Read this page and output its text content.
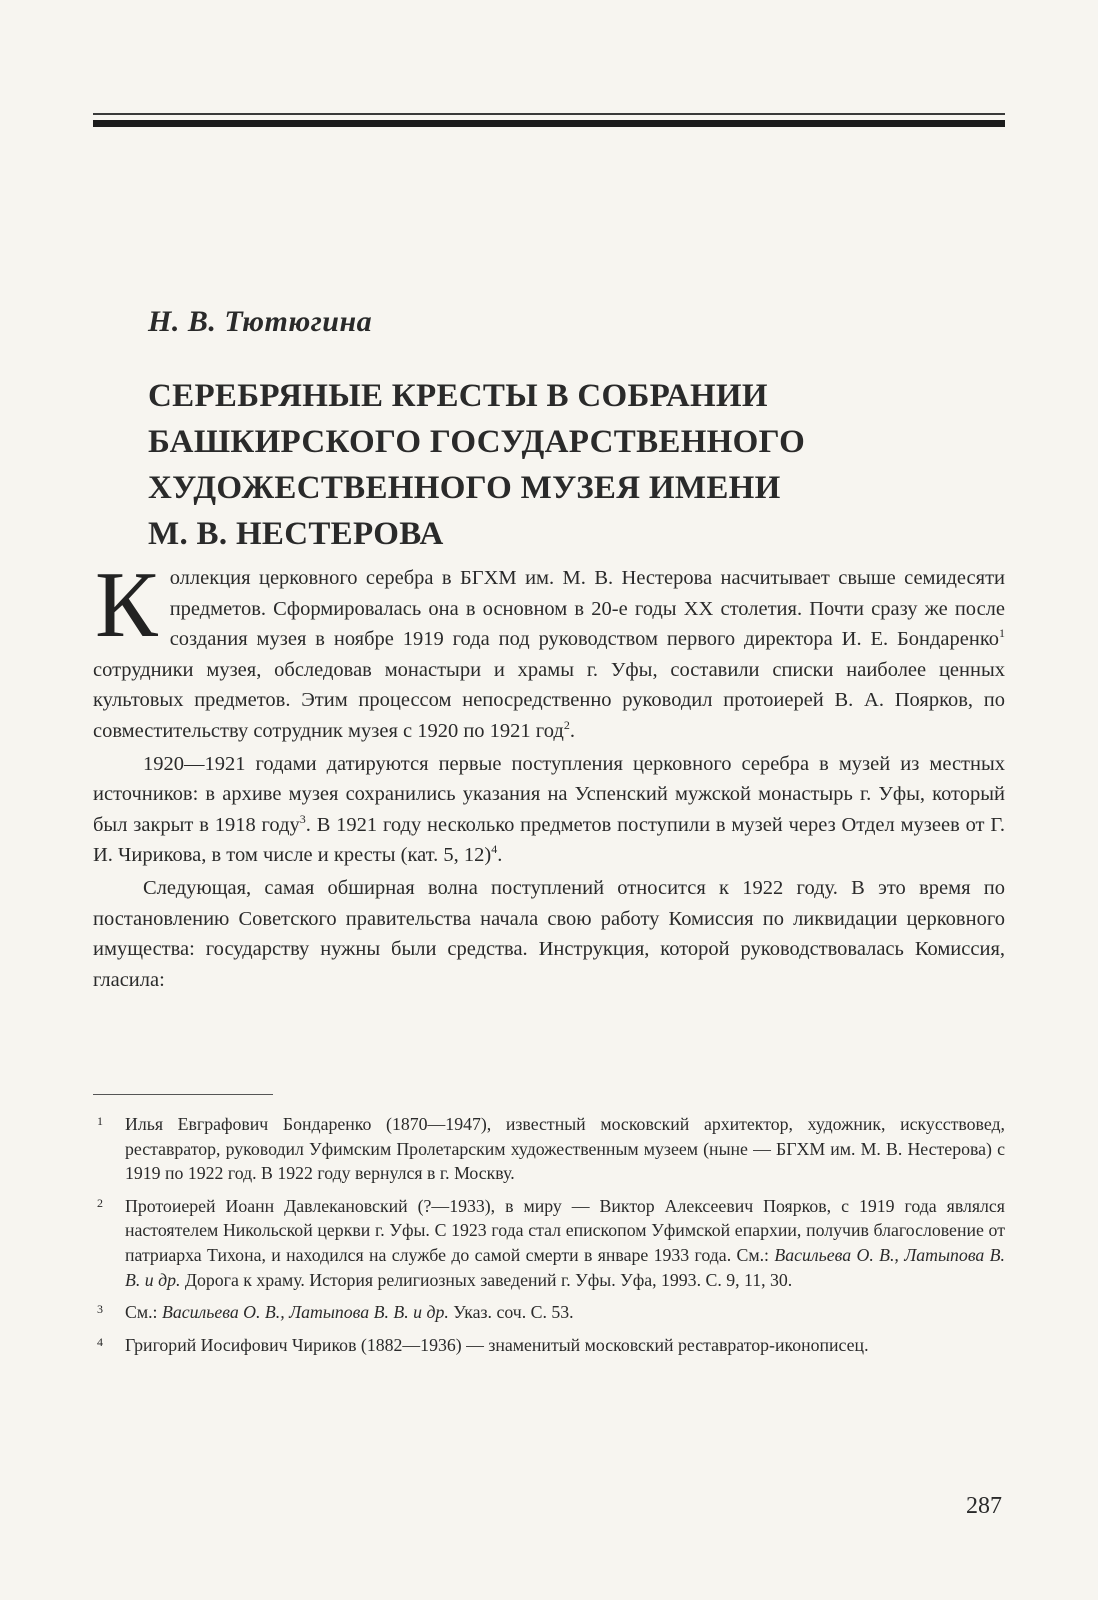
Н. В. Тютюгина
СЕРЕБРЯНЫЕ КРЕСТЫ В СОБРАНИИ
БАШКИРСКОГО ГОСУДАРСТВЕННОГО
ХУДОЖЕСТВЕННОГО МУЗЕЯ ИМЕНИ
М. В. НЕСТЕРОВА

Коллекция церковного серебра в БГХМ им. М. В. Нестерова насчитывает свыше семидесяти предметов. Сформировалась она в основном в 20-е годы XX столетия. Почти сразу же после создания музея в ноябре 1919 года под руководством первого директора И. Е. Бондаренко$^1$ сотрудники музея, обследовав монастыри и храмы г. Уфы, составили списки наиболее ценных культовых предметов. Этим процессом непосредственно руководил протоиерей В. А. Поярков, по совместительству сотрудник музея с 1920 по 1921 год$^2$.

1920—1921 годами датируются первые поступления церковного серебра в музей из местных источников: в архиве музея сохранились указания на Успенский мужской монастырь г. Уфы, который был закрыт в 1918 году$^3$. В 1921 году несколько предметов поступили в музей через Отдел музеев от Г. И. Чирикова, в том числе и кресты (кат. 5, 12)$^4$.

Следующая, самая обширная волна поступлений относится к 1922 году. В это время по постановлению Советского правительства начала свою работу Комиссия по ликвидации церковного имущества: государству нужны были средства. Инструкция, которой руководствовалась Комиссия, гласила:

1	Илья Евграфович Бондаренко (1870—1947), известный московский архитектор, художник, искусствовед, реставратор, руководил Уфимским Пролетарским художественным музеем (ныне — БГХМ им. М. В. Нестерова) с 1919 по 1922 год. В 1922 году вернулся в г. Москву.
2	Протоиерей Иоанн Давлекановский (?—1933), в миру — Виктор Алексеевич Поярков, с 1919 года являлся настоятелем Никольской церкви г. Уфы. С 1923 года стал епископом Уфимской епархии, получив благословение от патриарха Тихона, и находился на службе до самой смерти в январе 1933 года. См.: Васильева О. В., Латыпова В. В. и др. Дорога к храму. История религиозных заведений г. Уфы. Уфа, 1993. С. 9, 11, 30.
3	См.: Васильева О. В., Латыпова В. В. и др. Указ. соч. С. 53.
4	Григорий Иосифович Чириков (1882—1936) — знаменитый московский реставратор-иконописец.
287
